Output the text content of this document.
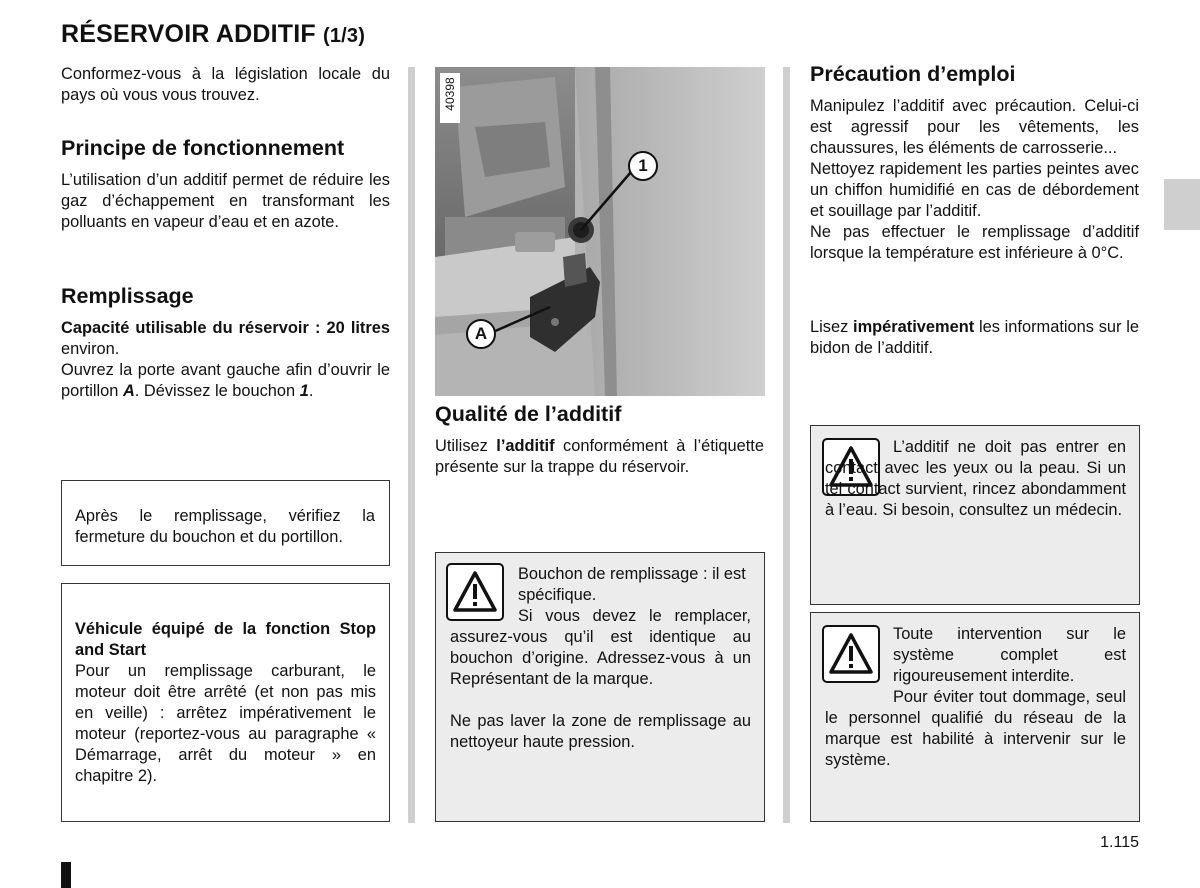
RÉSERVOIR ADDITIF (1/3)

Conformez-vous à la législation locale du pays où vous vous trouvez.

Principe de fonctionnement

L’utilisation d’un additif permet de réduire les gaz d’échappement en transformant les polluants en vapeur d’eau et en azote.

Remplissage

Capacité utilisable du réservoir : 20 litres environ.
Ouvrez la porte avant gauche afin d’ouvrir le portillon A. Dévissez le bouchon 1.

Après le remplissage, vérifiez la fermeture du bouchon et du portillon.

Véhicule équipé de la fonction Stop and Start
Pour un remplissage carburant, le moteur doit être arrêté (et non pas mis en veille) : arrêtez impérativement le moteur (reportez-vous au paragraphe « Démarrage, arrêt du moteur » en chapitre 2).

40398
1
A
Qualité de l’additif

Utilisez l’additif conformément à l’étiquette présente sur la trappe du réservoir.

Bouchon de remplissage : il est spécifique.

Si vous devez le remplacer, assurez-vous qu’il est identique au bouchon d’origine. Adressez-vous à un Représentant de la marque.

Ne pas laver la zone de remplissage au nettoyeur haute pression.

Précaution d’emploi

Manipulez l’additif avec précaution. Celui-ci est agressif pour les vêtements, les chaussures, les éléments de carrosserie...

Nettoyez rapidement les parties peintes avec un chiffon humidifié en cas de débordement et souillage par l’additif.

Ne pas effectuer le remplissage d’additif lorsque la température est inférieure à 0°C.

Lisez impérativement les informations sur le bidon de l’additif.

L’additif ne doit pas entrer en contact avec les yeux ou la peau. Si un tel contact survient, rincez abondamment à l’eau. Si besoin, consultez un médecin.

Toute intervention sur le système complet est rigoureusement interdite.

Pour éviter tout dommage, seul le personnel qualifié du réseau de la marque est habilité à intervenir sur le système.

1.115
